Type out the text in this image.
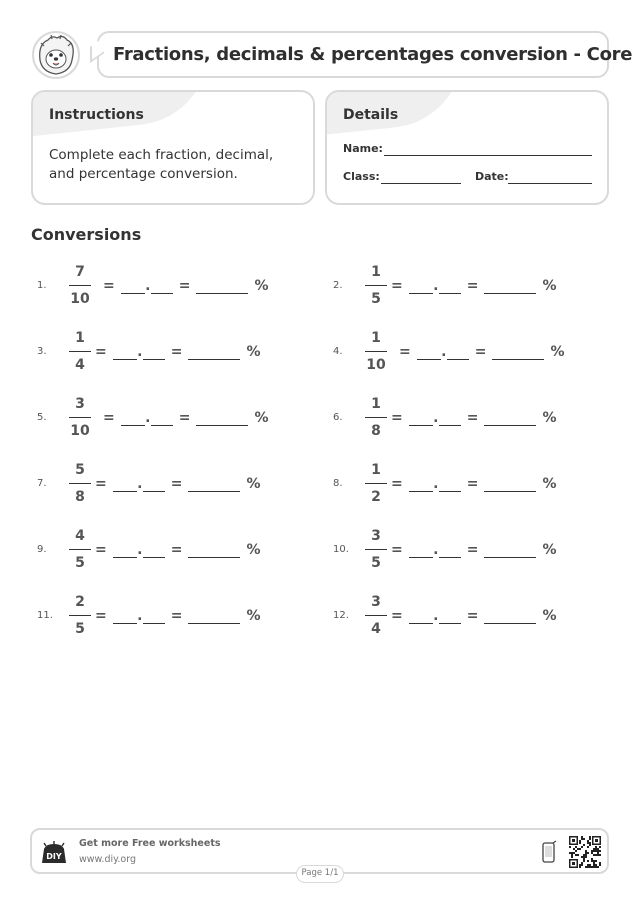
Fractions, decimals & percentages conversion - Core
Instructions
Complete each fraction, decimal, and percentage conversion.
Details
Name:
Class:	Date:
Conversions
1.
7
10
= . =	%	2.
1
5
= . =	%
3.
1
4
= . =	%	4.
1
10
= . =	%
5.
3
10
= . =	%	6.
1
8
= . =	%
7.
5
8
= . =	%	8.
1
2
= . =	%
9.
4
5
= . =	%	10.
3
5
= . =	%
11.
2
5
= . =	%	12.
3
4
= . =	%
DIY
Get more Free worksheets
www.diy.org
Page 1/1
